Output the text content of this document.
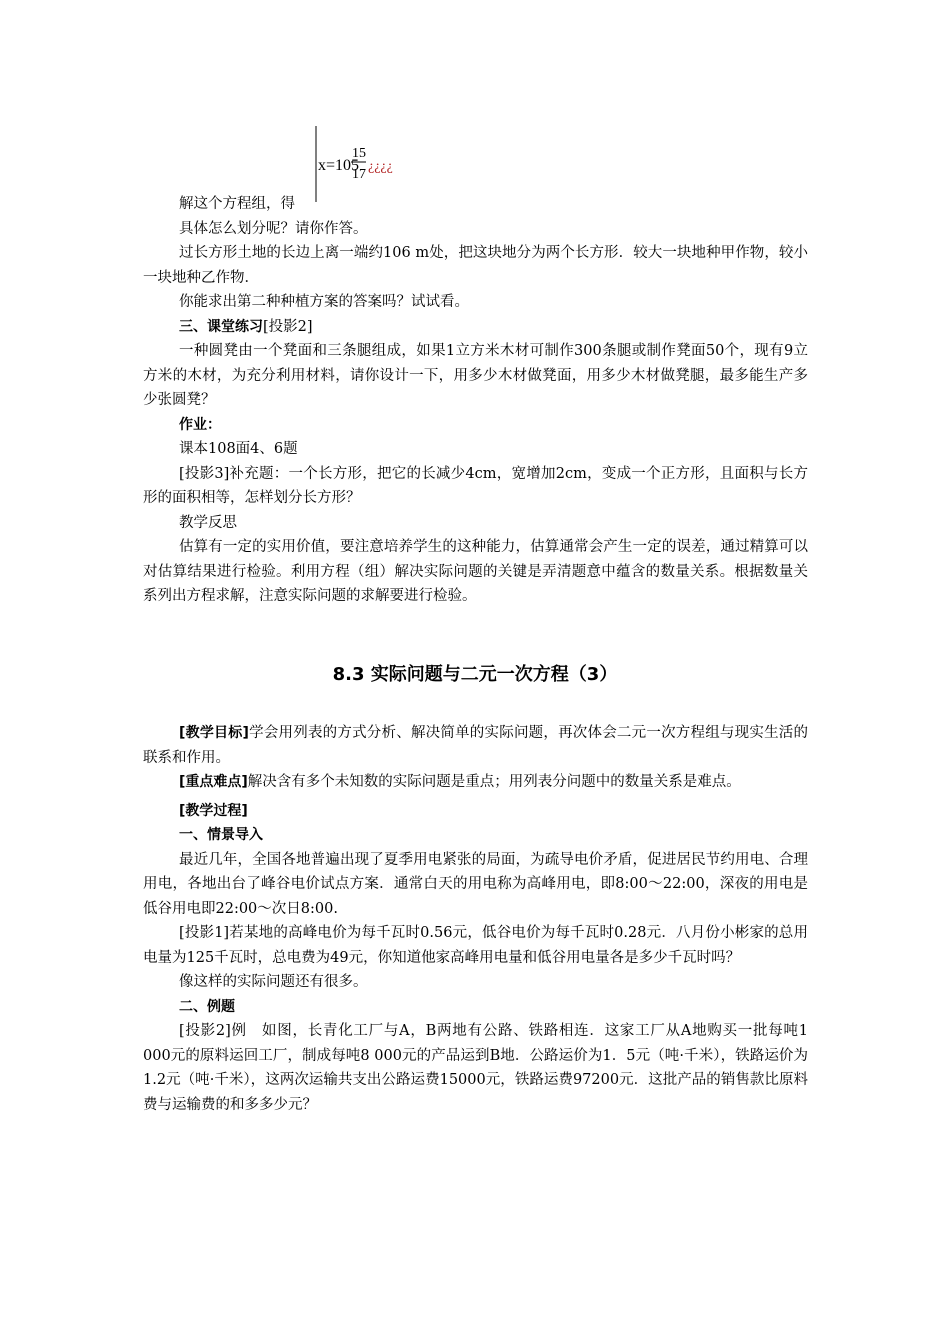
x=105
15
17
¿¿¿¿

解这个方程组，得

具体怎么划分呢？请你作答。

过长方形土地的长边上离一端约106 m处，把这块地分为两个长方形．较大一块地种甲作物，较小一块地种乙作物．

你能求出第二种种植方案的答案吗？试试看。

三、课堂练习[投影2]

一种圆凳由一个凳面和三条腿组成，如果1立方米木材可制作300条腿或制作凳面50个，现有9立方米的木材，为充分利用材料，请你设计一下，用多少木材做凳面，用多少木材做凳腿，最多能生产多少张圆凳？

作业：

课本108面4、6题

[投影3]补充题：一个长方形，把它的长减少4cm，宽增加2cm，变成一个正方形，且面积与长方形的面积相等，怎样划分长方形？

教学反思

估算有一定的实用价值，要注意培养学生的这种能力，估算通常会产生一定的误差，通过精算可以对估算结果进行检验。利用方程（组）解决实际问题的关键是弄清题意中蕴含的数量关系。根据数量关系列出方程求解，注意实际问题的求解要进行检验。

8.3 实际问题与二元一次方程（3）

[教学目标]学会用列表的方式分析、解决简单的实际问题，再次体会二元一次方程组与现实生活的联系和作用。

[重点难点]解决含有多个未知数的实际问题是重点；用列表分问题中的数量关系是难点。

[教学过程]

一、情景导入

最近几年，全国各地普遍出现了夏季用电紧张的局面，为疏导电价矛盾，促进居民节约用电、合理用电，各地出台了峰谷电价试点方案．通常白天的用电称为高峰用电，即8:00～22:00，深夜的用电是低谷用电即22:00～次日8:00.

[投影1]若某地的高峰电价为每千瓦时0.56元，低谷电价为每千瓦时0.28元．八月份小彬家的总用电量为125千瓦时，总电费为49元，你知道他家高峰用电量和低谷用电量各是多少千瓦时吗？

像这样的实际问题还有很多。

二、例题

[投影2]例　如图，长青化工厂与A，B两地有公路、铁路相连．这家工厂从A地购买一批每吨1 000元的原料运回工厂，制成每吨8 000元的产品运到B地．公路运价为1．5元（吨·千米），铁路运价为1.2元（吨·千米），这两次运输共支出公路运费15000元，铁路运费97200元．这批产品的销售款比原料费与运输费的和多多少元？
